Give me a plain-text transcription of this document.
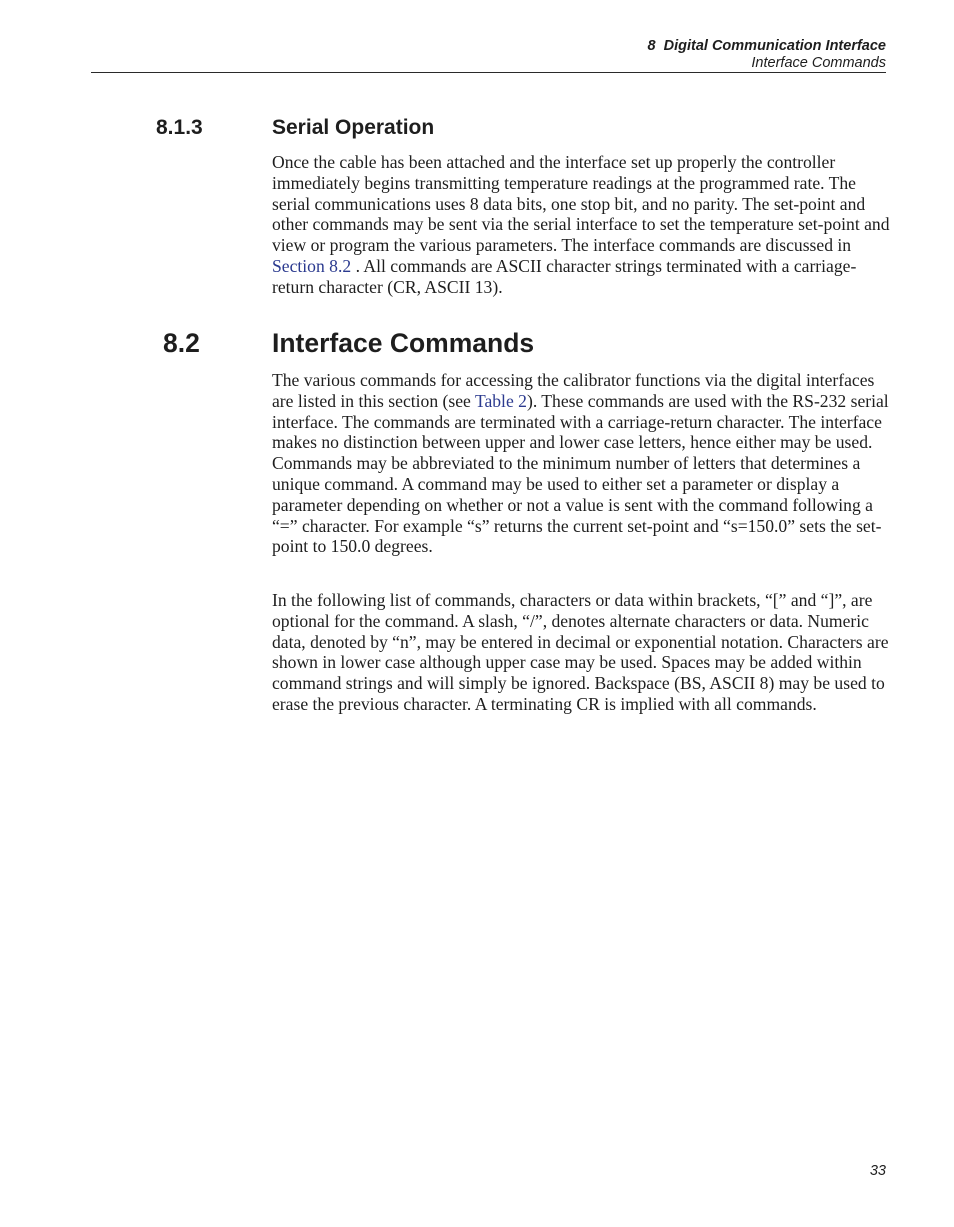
8  Digital Communication Interface
Interface Commands
8.1.3	Serial Operation

Once the cable has been attached and the interface set up properly the controller immediately begins transmitting temperature readings at the programmed rate. The serial communications uses 8 data bits, one stop bit, and no parity. The set-point and other commands may be sent via the serial interface to set the temperature set-point and view or program the various parameters. The interface commands are discussed in Section 8.2 . All commands are ASCII character strings terminated with a carriage-return character (CR, ASCII 13).

8.2	Interface Commands

The various commands for accessing the calibrator functions via the digital interfaces are listed in this section (see Table 2). These commands are used with the RS-232 serial interface. The commands are terminated with a carriage-return character. The interface makes no distinction between upper and lower case letters, hence either may be used. Commands may be abbreviated to the minimum number of letters that determines a unique command. A command may be used to either set a parameter or display a parameter depending on whether or not a value is sent with the command following a “=” character. For example “s” returns the current set-point and “s=150.0” sets the set-point to 150.0 degrees.

In the following list of commands, characters or data within brackets, “[” and “]”, are optional for the command. A slash, “/”, denotes alternate characters or data. Numeric data, denoted by “n”, may be entered in decimal or exponential notation. Characters are shown in lower case although upper case may be used. Spaces may be added within command strings and will simply be ignored. Backspace (BS, ASCII 8) may be used to erase the previous character. A terminating CR is implied with all commands.

33
